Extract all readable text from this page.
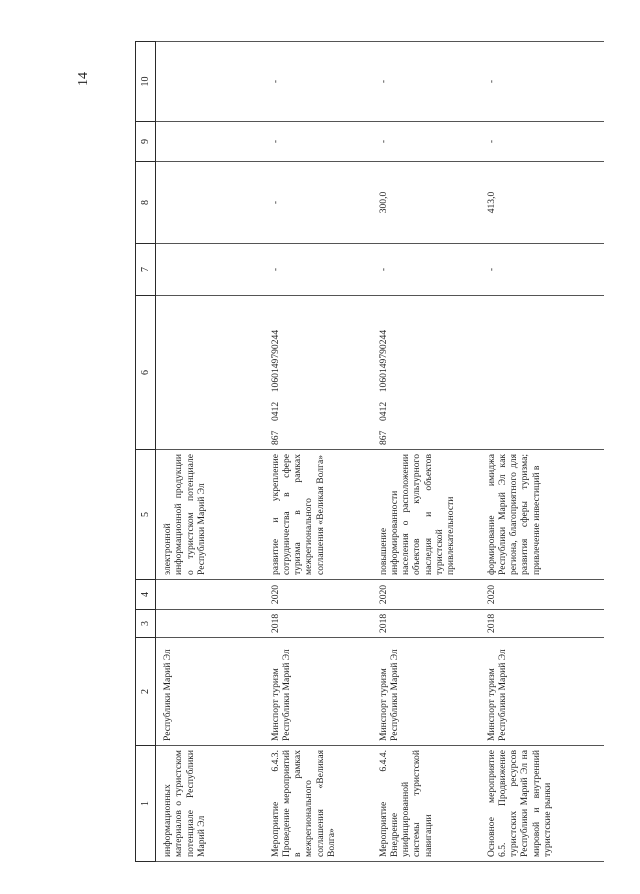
14
1	2	3	4	5	6	7	8	9	10
информационных материалов о туристском потенциале Республики Марий Эл	Республики Марий Эл			электронной информационной продукции о туристском потенциале Республики Марий Эл					
Мероприятие 6.4.3. Проведение мероприятий в рамках межрегионального соглашения «Великая Волга»	Минспорт туризм Республики Марий Эл	2018	2020	развитие и укрепление сотрудничества в сфере туризма в рамках межрегионального соглашения «Великая Волга»	867    0412    1060149790244	-	-	-	-
Мероприятие 6.4.4. Внедрение унифицированной системы туристской навигации	Минспорт туризм Республики Марий Эл	2018	2020	повышение информированности населения о расположении объектов культурного наследия и объектов туристской привлекательности	867    0412    1060149790244	-	300,0	-	-
Основное мероприятие 6.5. Продвижение туристских ресурсов Республики Марий Эл на мировой и внутренний туристские рынки	Минспорт туризм Республики Марий Эл	2018	2020	формирование имиджа Республики Марий Эл как региона, благоприятного для развития сферы туризма; привлечение инвестиций в		-	413,0	-	-
